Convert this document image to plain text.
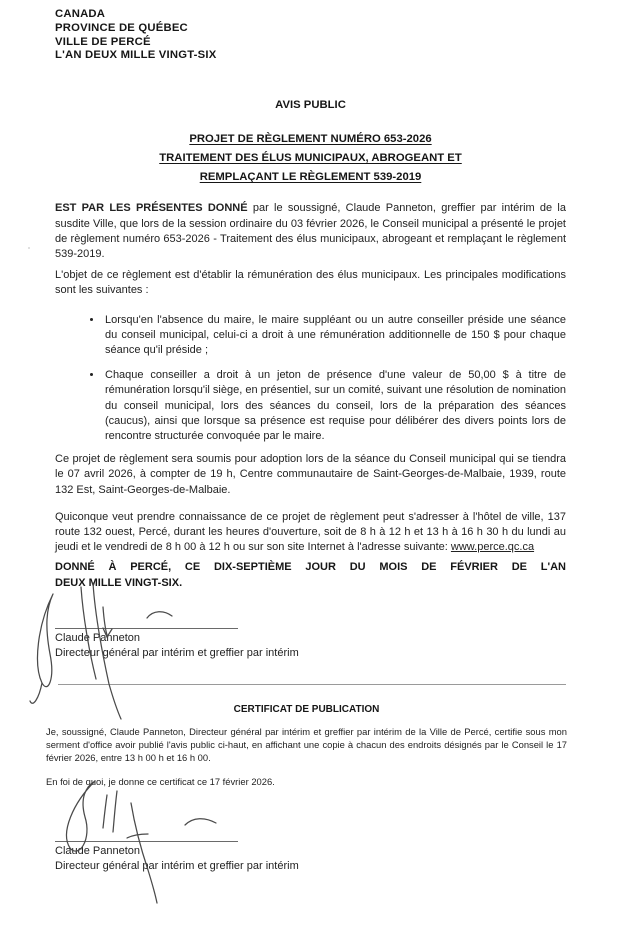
CANADA
PROVINCE DE QUÉBEC
VILLE DE PERCÉ
L'AN DEUX MILLE VINGT-SIX
AVIS PUBLIC
PROJET DE RÈGLEMENT NUMÉRO 653-2026
TRAITEMENT DES ÉLUS MUNICIPAUX, ABROGEANT ET
REMPLAÇANT LE RÈGLEMENT 539-2019

EST PAR LES PRÉSENTES DONNÉ par le soussigné, Claude Panneton, greffier par intérim de la susdite Ville, que lors de la session ordinaire du 03 février 2026, le Conseil municipal a présenté le projet de règlement numéro 653-2026 - Traitement des élus municipaux, abrogeant et remplaçant le règlement 539-2019.

L'objet de ce règlement est d'établir la rémunération des élus municipaux. Les principales modifications sont les suivantes :

• Lorsqu'en l'absence du maire, le maire suppléant ou un autre conseiller préside une séance du conseil municipal, celui-ci a droit à une rémunération additionnelle de 150 $ pour chaque séance qu'il préside ;
• Chaque conseiller a droit à un jeton de présence d'une valeur de 50,00 $ à titre de rémunération lorsqu'il siège, en présentiel, sur un comité, suivant une résolution de nomination du conseil municipal, lors des séances du conseil, lors de la préparation des séances (caucus), ainsi que lorsque sa présence est requise pour délibérer des divers points lors de rencontre structurée convoquée par le maire.

Ce projet de règlement sera soumis pour adoption lors de la séance du Conseil municipal qui se tiendra le 07 avril 2026, à compter de 19 h, Centre communautaire de Saint-Georges-de-Malbaie, 1939, route 132 Est, Saint-Georges-de-Malbaie.

Quiconque veut prendre connaissance de ce projet de règlement peut s'adresser à l'hôtel de ville, 137 route 132 ouest, Percé, durant les heures d'ouverture, soit de 8 h à 12 h et 13 h à 16 h 30 h du lundi au jeudi et le vendredi de 8 h 00 à 12 h ou sur son site Internet à l'adresse suivante: www.perce.qc.ca

DONNÉ À PERCÉ, CE DIX-SEPTIÈME JOUR DU MOIS DE FÉVRIER DE L'AN
DEUX MILLE VINGT-SIX.
Claude Panneton
Directeur général par intérim et greffier par intérim
CERTIFICAT DE PUBLICATION

Je, soussigné, Claude Panneton, Directeur général par intérim et greffier par intérim de la Ville de Percé, certifie sous mon serment d'office avoir publié l'avis public ci-haut, en affichant une copie à chacun des endroits désignés par le Conseil le 17 février 2026, entre 13 h 00 h et 16 h 00.

En foi de quoi, je donne ce certificat ce 17 février 2026.

Claude Panneton
Directeur général par intérim et greffier par intérim
